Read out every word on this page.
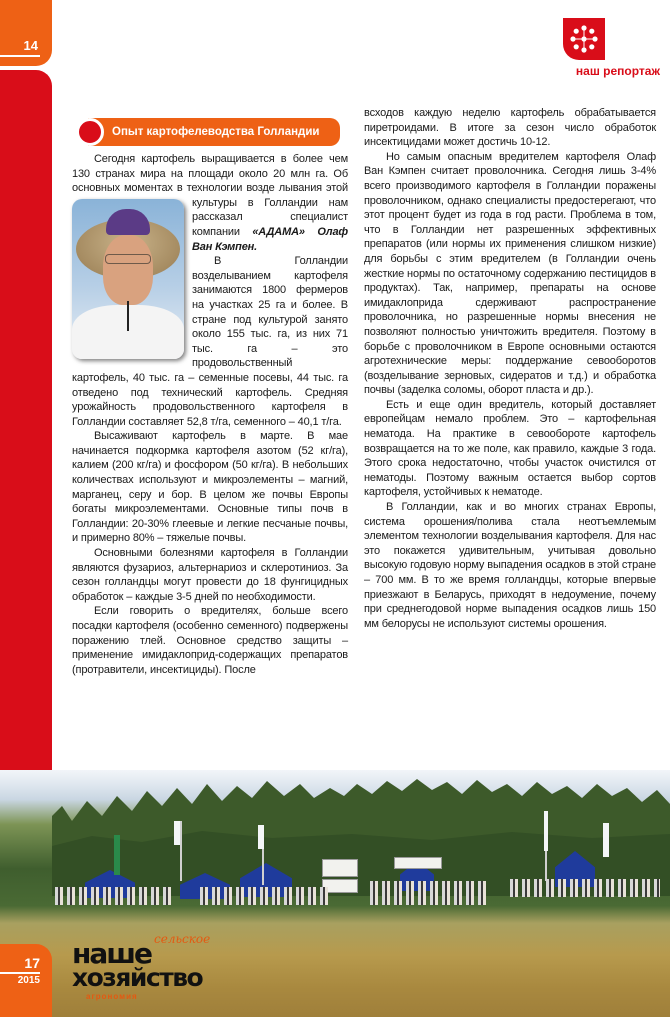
14
наш репортаж
Опыт картофелеводства Голландии

Сегодня картофель выращивается в более чем 130 странах мира на площади около 20 млн га. Об основных моментах в технологии возде лывания этой культуры в Голландии нам рассказал специалист компании «АДАМА» Олаф Ван Кэмпен.

В Голландии возделыванием картофеля занимаются 1800 фермеров на участках 25 га и более. В стране под культурой занято около 155 тыс. га, из них 71 тыс. га – это продовольственный картофель, 40 тыс. га – семенные посевы, 44 тыс. га отведено под технический картофель. Средняя урожайность продовольственного картофеля в Голландии составляет 52,8 т/га, семенного – 40,1 т/га.

Высаживают картофель в марте. В мае начинается подкормка картофеля азотом (52 кг/га), калием (200 кг/га) и фосфором (50 кг/га). В небольших количествах используют и микроэлементы – магний, марганец, серу и бор. В целом же почвы Европы богаты микроэлементами. Основные типы почв в Голландии: 20-30% глеевые и легкие песчаные почвы, и примерно 80% – тяжелые почвы.

Основными болезнями картофеля в Голландии являются фузариоз, альтернариоз и склеротиниоз. За сезон голландцы могут провести до 18 фунгицидных обработок – каждые 3-5 дней по необходимости.

Если говорить о вредителях, больше всего посадки картофеля (особенно семенного) подвержены поражению тлей. Основное средство защиты – применение имидаклоприд-содержащих препаратов (протравители, инсектициды). После

всходов каждую неделю картофель обрабатывается пиретроидами. В итоге за сезон число обработок инсектицидами может достичь 10-12.

Но самым опасным вредителем картофеля Олаф Ван Кэмпен считает проволочника. Сегодня лишь 3-4% всего производимого картофеля в Голландии поражены проволочником, однако специалисты предостерегают, что этот процент будет из года в год расти. Проблема в том, что в Голландии нет разрешенных эффективных препаратов (или нормы их применения слишком низкие) для борьбы с этим вредителем (в Голландии очень жесткие нормы по остаточному содержанию пестицидов в продуктах). Так, например, препараты на основе имидаклоприда сдерживают распространение проволочника, но разрешенные нормы внесения не позволяют полностью уничтожить вредителя. Поэтому в борьбе с проволочником в Европе основными остаются агротехнические меры: поддержание севооборотов (возделывание зерновых, сидератов и т.д.) и обработка почвы (заделка соломы, оборот пласта и др.).

Есть и еще один вредитель, который доставляет европейцам немало проблем. Это – картофельная нематода. На практике в севообороте картофель возвращается на то же поле, как правило, каждые 3 года. Этого срока недостаточно, чтобы участок очистился от нематоды. Поэтому важным остается выбор сортов картофеля, устойчивых к нематоде.

В Голландии, как и во многих странах Европы, система орошения/полива стала неотъемлемым элементом технологии возделывания картофеля. Для нас это покажется удивительным, учитывая довольно высокую годовую норму выпадения осадков в этой стране – 700 мм. В то же время голландцы, которые впервые приезжают в Беларусь, приходят в недоумение, почему при среднегодовой норме выпадения осадков лишь 150 мм белорусы не используют системы орошения.

17
2015
наше сельское
хозяйство
агрономия
